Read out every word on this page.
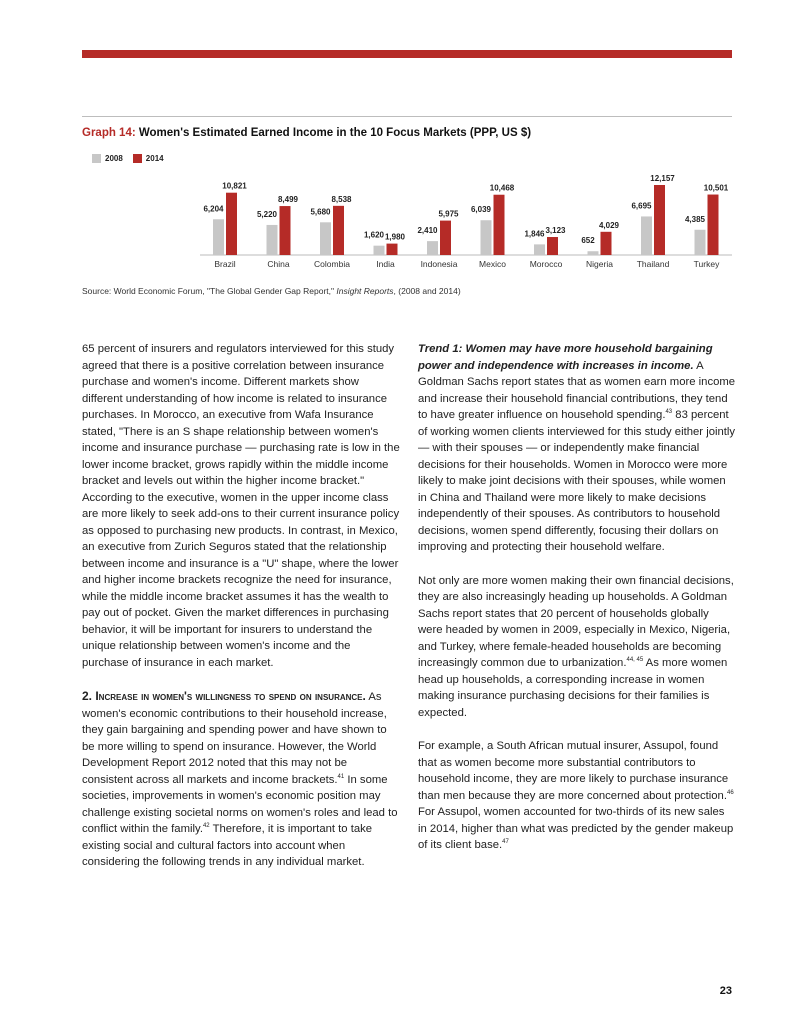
Graph 14: Women's Estimated Earned Income in the 10 Focus Markets (PPP, US $)
2008	2014
6,204
10,821
Brazil
5,220
8,499
China
5,680
8,538
Colombia
1,620 1,980
India
2,410
5,975
Indonesia
6,039
10,468
Mexico
1,846 3,123
Morocco
652
4,029
Nigeria
6,695
12,157
Thailand
4,385
10,501
Turkey
Source: World Economic Forum, "The Global Gender Gap Report," Insight Reports, (2008 and 2014)

65 percent of insurers and regulators interviewed for this study agreed that there is a positive correlation between insurance purchase and women's income. Different markets show different understanding of how income is related to insurance purchases. In Morocco, an executive from Wafa Insurance stated, "There is an S shape relationship between women's income and insurance purchase — purchasing rate is low in the lower income bracket, grows rapidly within the middle income bracket and levels out within the higher income bracket." According to the executive, women in the upper income class are more likely to seek add-ons to their current insurance policy as opposed to purchasing new products. In contrast, in Mexico, an executive from Zurich Seguros stated that the relationship between income and insurance is a "U" shape, where the lower and higher income brackets recognize the need for insurance, while the middle income bracket assumes it has the wealth to pay out of pocket. Given the market differences in purchasing behavior, it will be important for insurers to understand the unique relationship between women's income and the purchase of insurance in each market.

2. Increase in women's willingness to spend on insurance. As women's economic contributions to their household increase, they gain bargaining and spending power and have shown to be more willing to spend on insurance. However, the World Development Report 2012 noted that this may not be consistent across all markets and income brackets.$^{41}$ In some societies, improvements in women's economic position may challenge existing societal norms on women's roles and lead to conflict within the family.$^{42}$ Therefore, it is important to take existing social and cultural factors into account when considering the following trends in any individual market.

Trend 1: Women may have more household bargaining power and independence with increases in income. A Goldman Sachs report states that as women earn more income and increase their household financial contributions, they tend to have greater influence on household spending.$^{43}$ 83 percent of working women clients interviewed for this study either jointly — with their spouses — or independently make financial decisions for their households. Women in Morocco were more likely to make joint decisions with their spouses, while women in China and Thailand were more likely to make decisions independently of their spouses. As contributors to household decisions, women spend differently, focusing their dollars on improving and protecting their household welfare.

Not only are more women making their own financial decisions, they are also increasingly heading up households. A Goldman Sachs report states that 20 percent of households globally were headed by women in 2009, especially in Mexico, Nigeria, and Turkey, where female-headed households are becoming increasingly common due to urbanization.$^{44, 45}$ As more women head up households, a corresponding increase in women making insurance purchasing decisions for their families is expected.

For example, a South African mutual insurer, Assupol, found that as women become more substantial contributors to household income, they are more likely to purchase insurance than men because they are more concerned about protection.$^{46}$ For Assupol, women accounted for two-thirds of its new sales in 2014, higher than what was predicted by the gender makeup of its client base.$^{47}$

23
